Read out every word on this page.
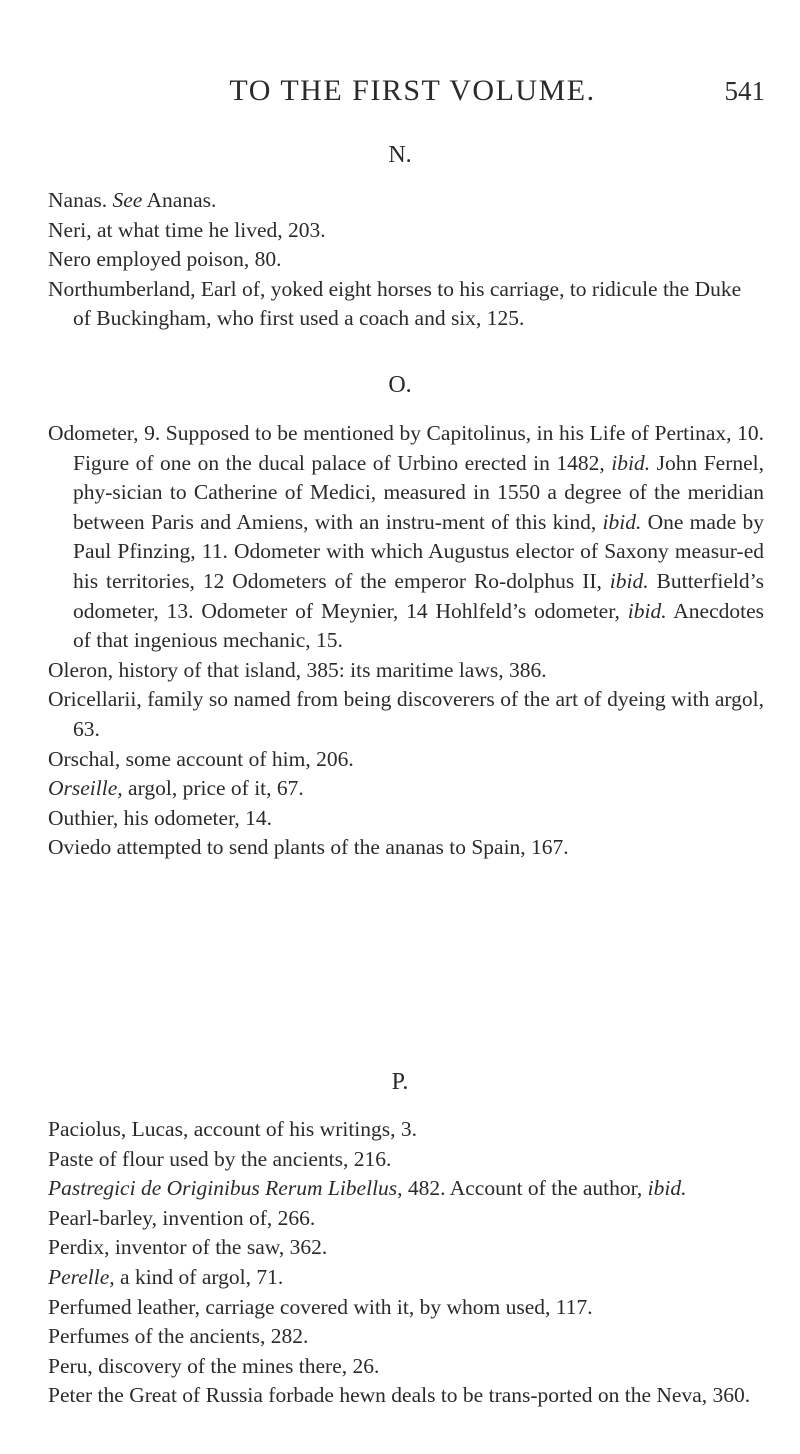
TO THE FIRST VOLUME.	541
N.

Nanas. See Ananas.

Neri, at what time he lived, 203.

Nero employed poison, 80.

Northumberland, Earl of, yoked eight horses to his carriage, to ridicule the Duke of Buckingham, who first used a coach and six, 125.

O.

Odometer, 9. Supposed to be mentioned by Capitolinus, in his Life of Pertinax, 10. Figure of one on the ducal palace of Urbino erected in 1482, ibid. John Fernel, phy-sician to Catherine of Medici, measured in 1550 a degree of the meridian between Paris and Amiens, with an instru-ment of this kind, ibid. One made by Paul Pfinzing, 11. Odometer with which Augustus elector of Saxony measur-ed his territories, 12 Odometers of the emperor Ro-dolphus II, ibid. Butterfield’s odometer, 13. Odometer of Meynier, 14 Hohlfeld’s odometer, ibid. Anecdotes of that ingenious mechanic, 15.

Oleron, history of that island, 385: its maritime laws, 386.

Oricellarii, family so named from being discoverers of the art of dyeing with argol, 63.

Orschal, some account of him, 206.

Orseille, argol, price of it, 67.

Outhier, his odometer, 14.

Oviedo attempted to send plants of the ananas to Spain, 167.

P.

Paciolus, Lucas, account of his writings, 3.

Paste of flour used by the ancients, 216.

Pastregici de Originibus Rerum Libellus, 482. Account of the author, ibid.

Pearl-barley, invention of, 266.

Perdix, inventor of the saw, 362.

Perelle, a kind of argol, 71.

Perfumed leather, carriage covered with it, by whom used, 117.

Perfumes of the ancients, 282.

Peru, discovery of the mines there, 26.

Peter the Great of Russia forbade hewn deals to be trans-ported on the Neva, 360.
